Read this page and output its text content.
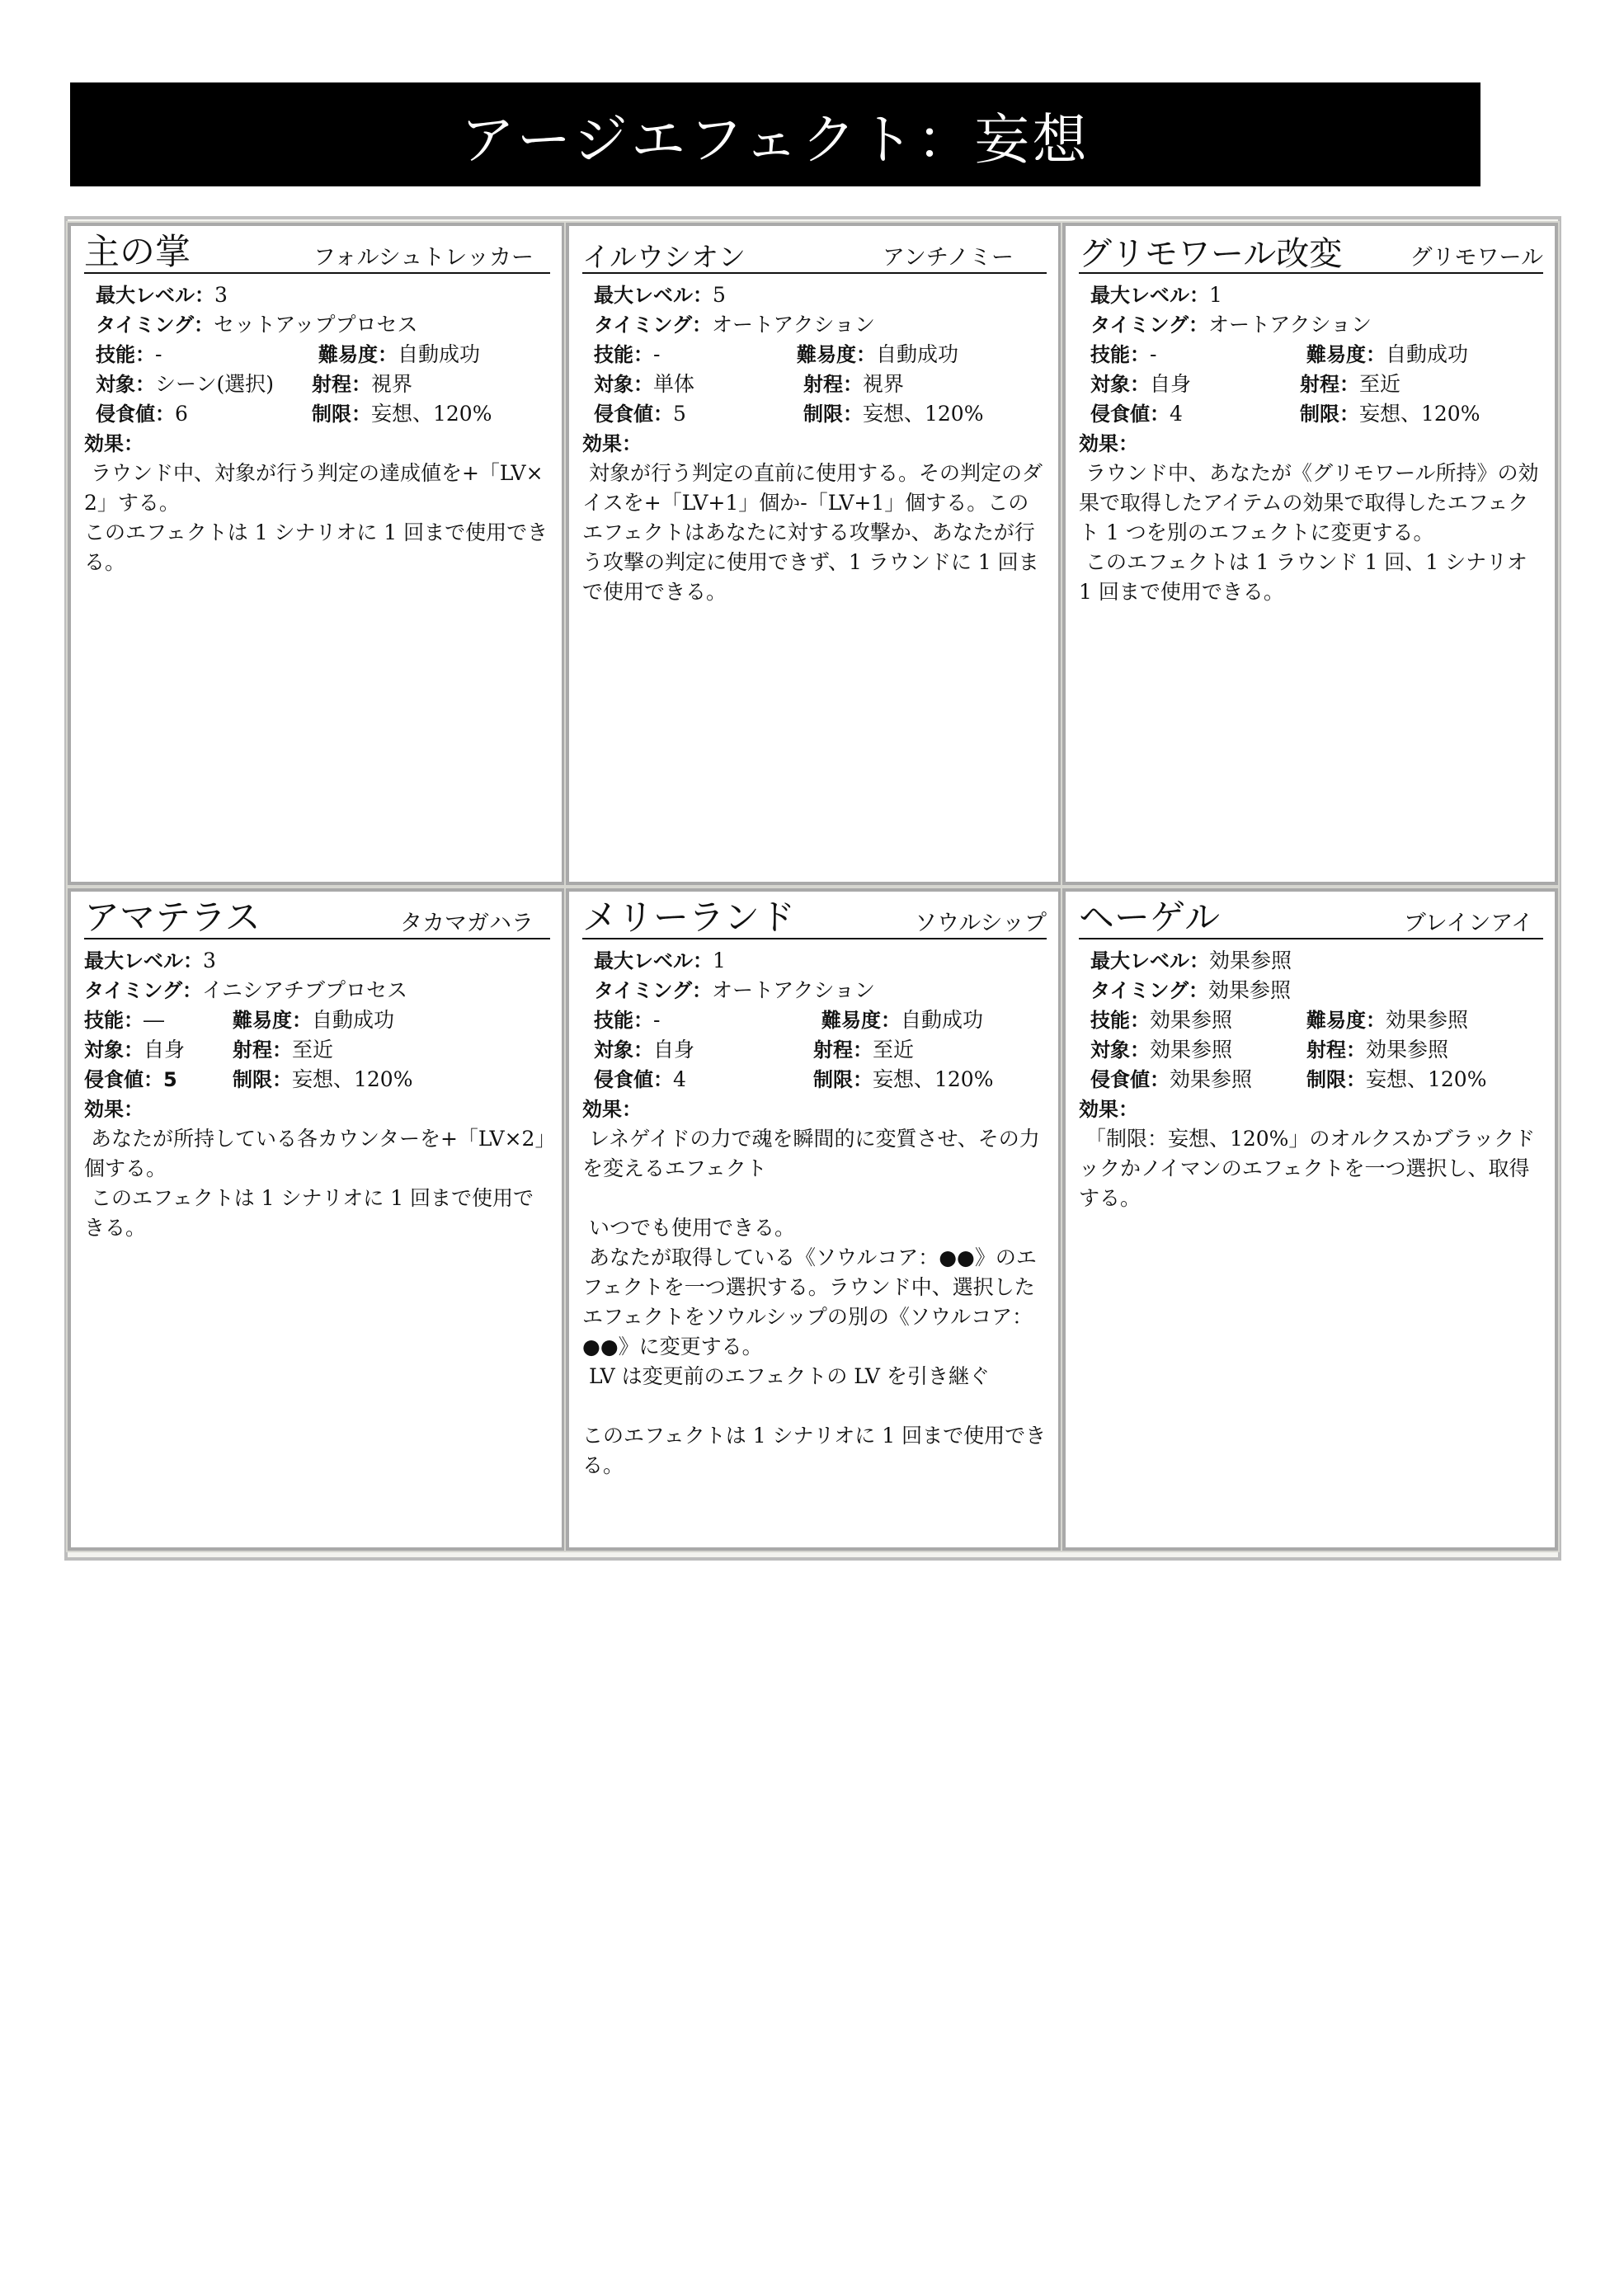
アージエフェクト：妄想
主の掌	フォルシュトレッカー
最大レベル：3
タイミング：セットアッププロセス
技能：-	難易度：自動成功
対象：シーン(選択) 射程：視界
侵食値：6	制限：妄想、120%
効果：
ラウンド中、対象が行う判定の達成値を+「LV×2」する。
このエフェクトは 1 シナリオに 1 回まで使用できる。
イルウシオン	アンチノミー
最大レベル：5
タイミング：オートアクション
技能：-	難易度：自動成功
対象：単体	射程：視界
侵食値：5	制限：妄想、120%
効果：
対象が行う判定の直前に使用する。その判定のダイスを+「LV+1」個か-「LV+1」個する。このエフェクトはあなたに対する攻撃か、あなたが行う攻撃の判定に使用できず、1 ラウンドに 1 回まで使用できる。
グリモワール改変	グリモワール
最大レベル：1
タイミング：オートアクション
技能：-	難易度：自動成功
対象：自身	射程：至近
侵食値：4	制限：妄想、120%
効果：
ラウンド中、あなたが《グリモワール所持》の効果で取得したアイテムの効果で取得したエフェクト 1 つを別のエフェクトに変更する。
このエフェクトは 1 ラウンド 1 回、1 シナリオ 1 回まで使用できる。
アマテラス	タカマガハラ
最大レベル：3
タイミング：イニシアチブプロセス
技能：―	難易度：自動成功
対象：自身 射程：至近
侵食値：5	制限：妄想、120%
効果：
あなたが所持している各カウンターを+「LV×2」個する。
このエフェクトは 1 シナリオに 1 回まで使用できる。
メリーランド	ソウルシップ
最大レベル：1
タイミング：オートアクション
技能：-	難易度：自動成功
対象：自身	射程：至近
侵食値：4	制限：妄想、120%
効果：
レネゲイドの力で魂を瞬間的に変質させ、その力を変えるエフェクト

いつでも使用できる。
あなたが取得している《ソウルコア：●●》のエフェクトを一つ選択する。ラウンド中、選択したエフェクトをソウルシップの別の《ソウルコア：●●》に変更する。
LV は変更前のエフェクトの LV を引き継ぐ

このエフェクトは 1 シナリオに 1 回まで使用できる。
ヘーゲル	ブレインアイ
最大レベル：効果参照
タイミング：効果参照
技能：効果参照	難易度：効果参照
対象：効果参照	射程：効果参照
侵食値：効果参照	制限：妄想、120%
効果：
「制限：妄想、120%」のオルクスかブラックドックかノイマンのエフェクトを一つ選択し、取得する。
